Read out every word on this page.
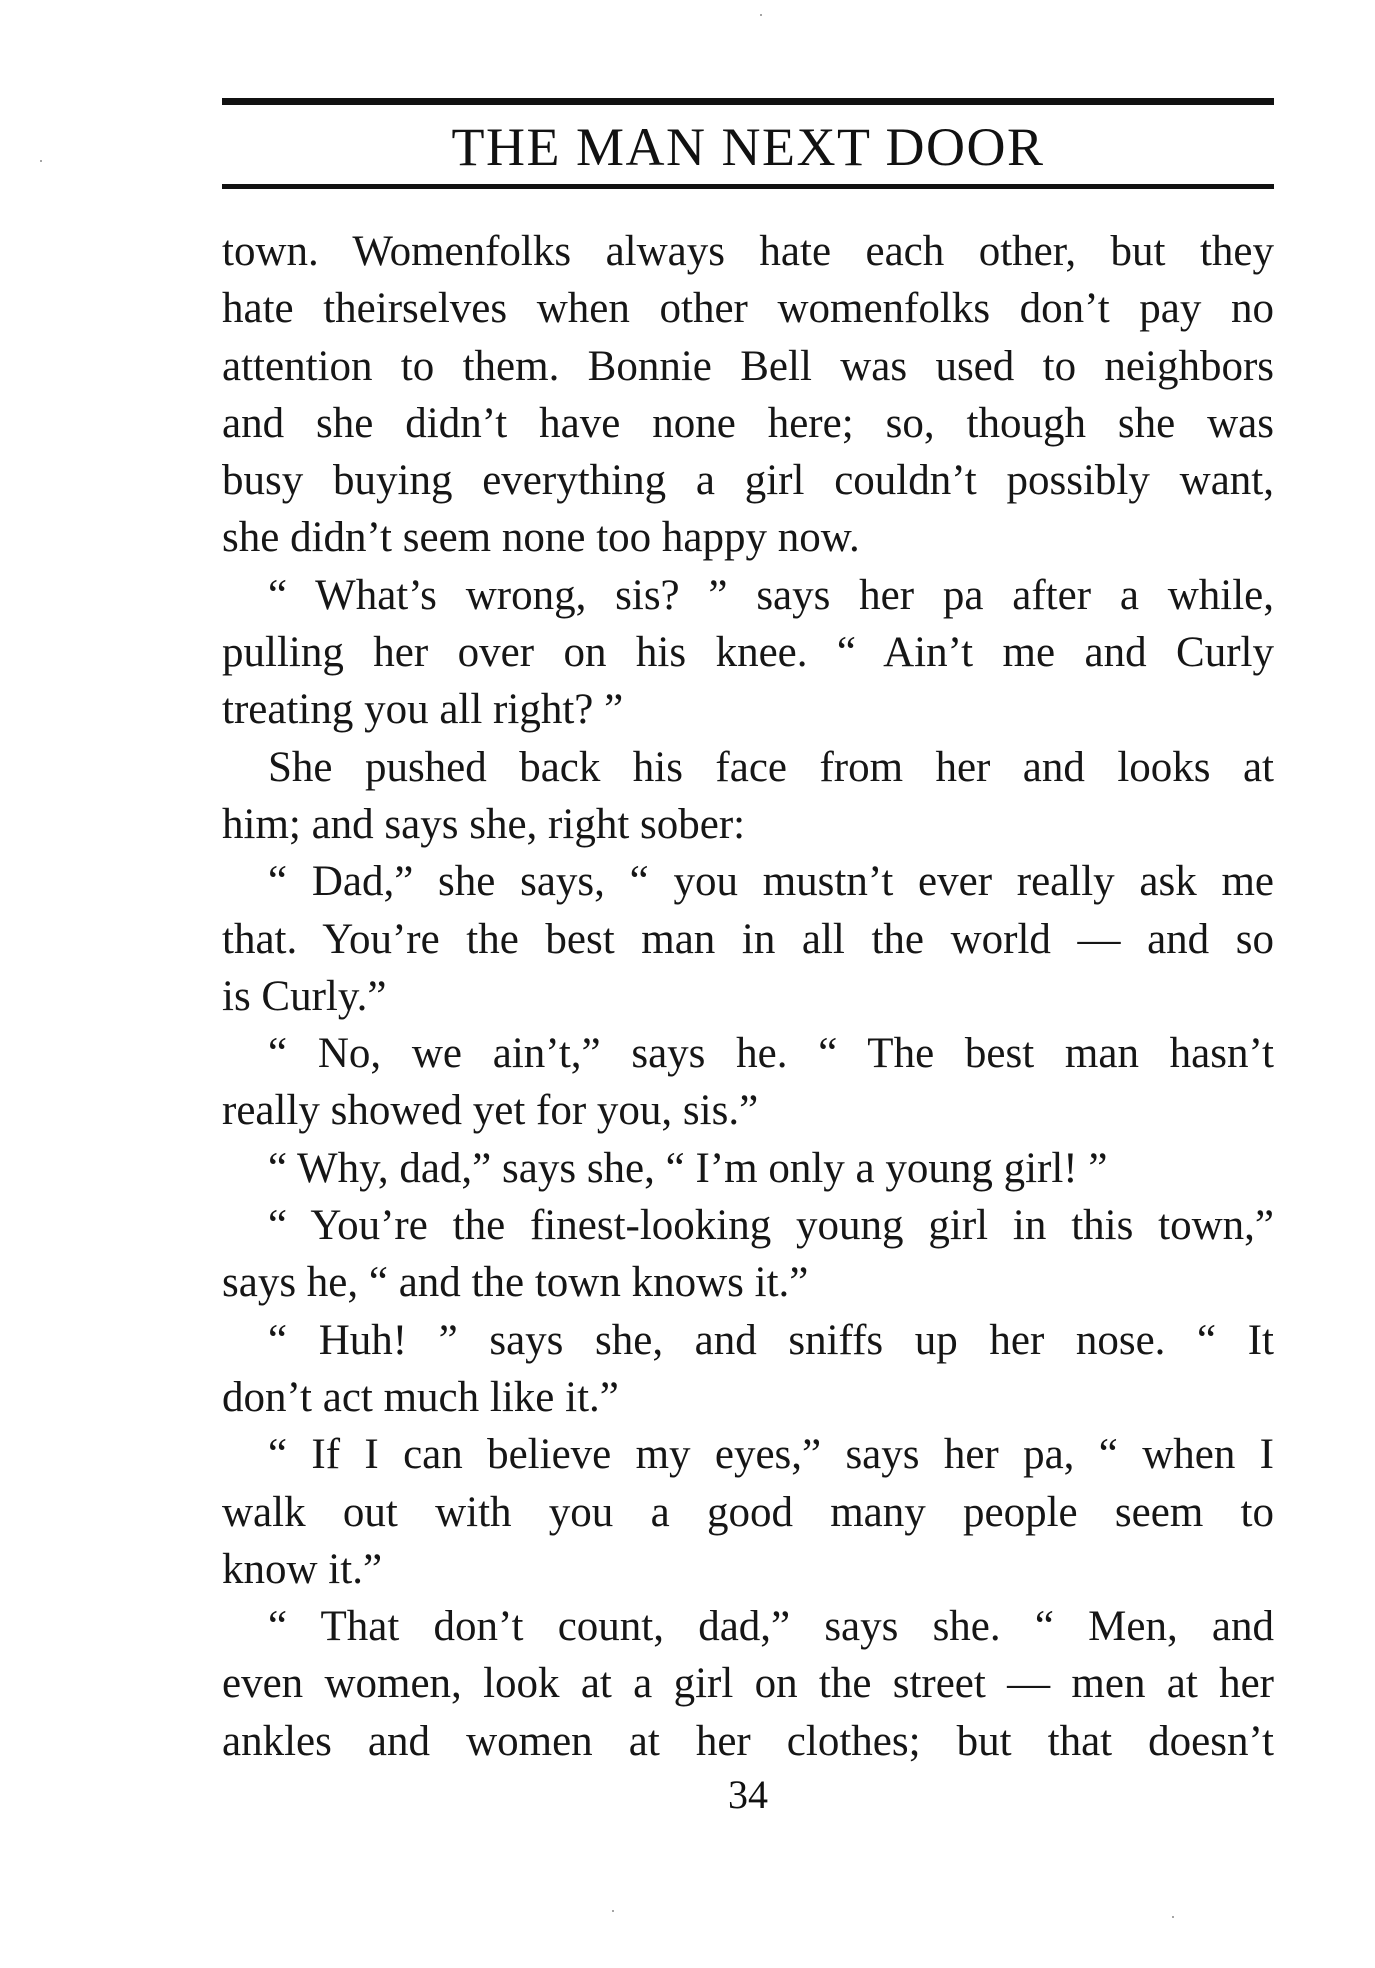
THE MAN NEXT DOOR
town. Womenfolks always hate each other, but they
hate theirselves when other womenfolks don’t pay no
attention to them. Bonnie Bell was used to neighbors
and she didn’t have none here; so, though she was
busy buying everything a girl couldn’t possibly want,
she didn’t seem none too happy now.
“ What’s wrong, sis? ” says her pa after a while,
pulling her over on his knee. “ Ain’t me and Curly
treating you all right? ”
She pushed back his face from her and looks at
him; and says she, right sober:
“ Dad,” she says, “ you mustn’t ever really ask me
that. You’re the best man in all the world — and so
is Curly.”
“ No, we ain’t,” says he. “ The best man hasn’t
really showed yet for you, sis.”
“ Why, dad,” says she, “ I’m only a young girl! ”
“ You’re the finest-looking young girl in this town,”
says he, “ and the town knows it.”
“ Huh! ” says she, and sniffs up her nose. “ It
don’t act much like it.”
“ If I can believe my eyes,” says her pa, “ when I
walk out with you a good many people seem to
know it.”
“ That don’t count, dad,” says she. “ Men, and
even women, look at a girl on the street — men at her
ankles and women at her clothes; but that doesn’t
34
